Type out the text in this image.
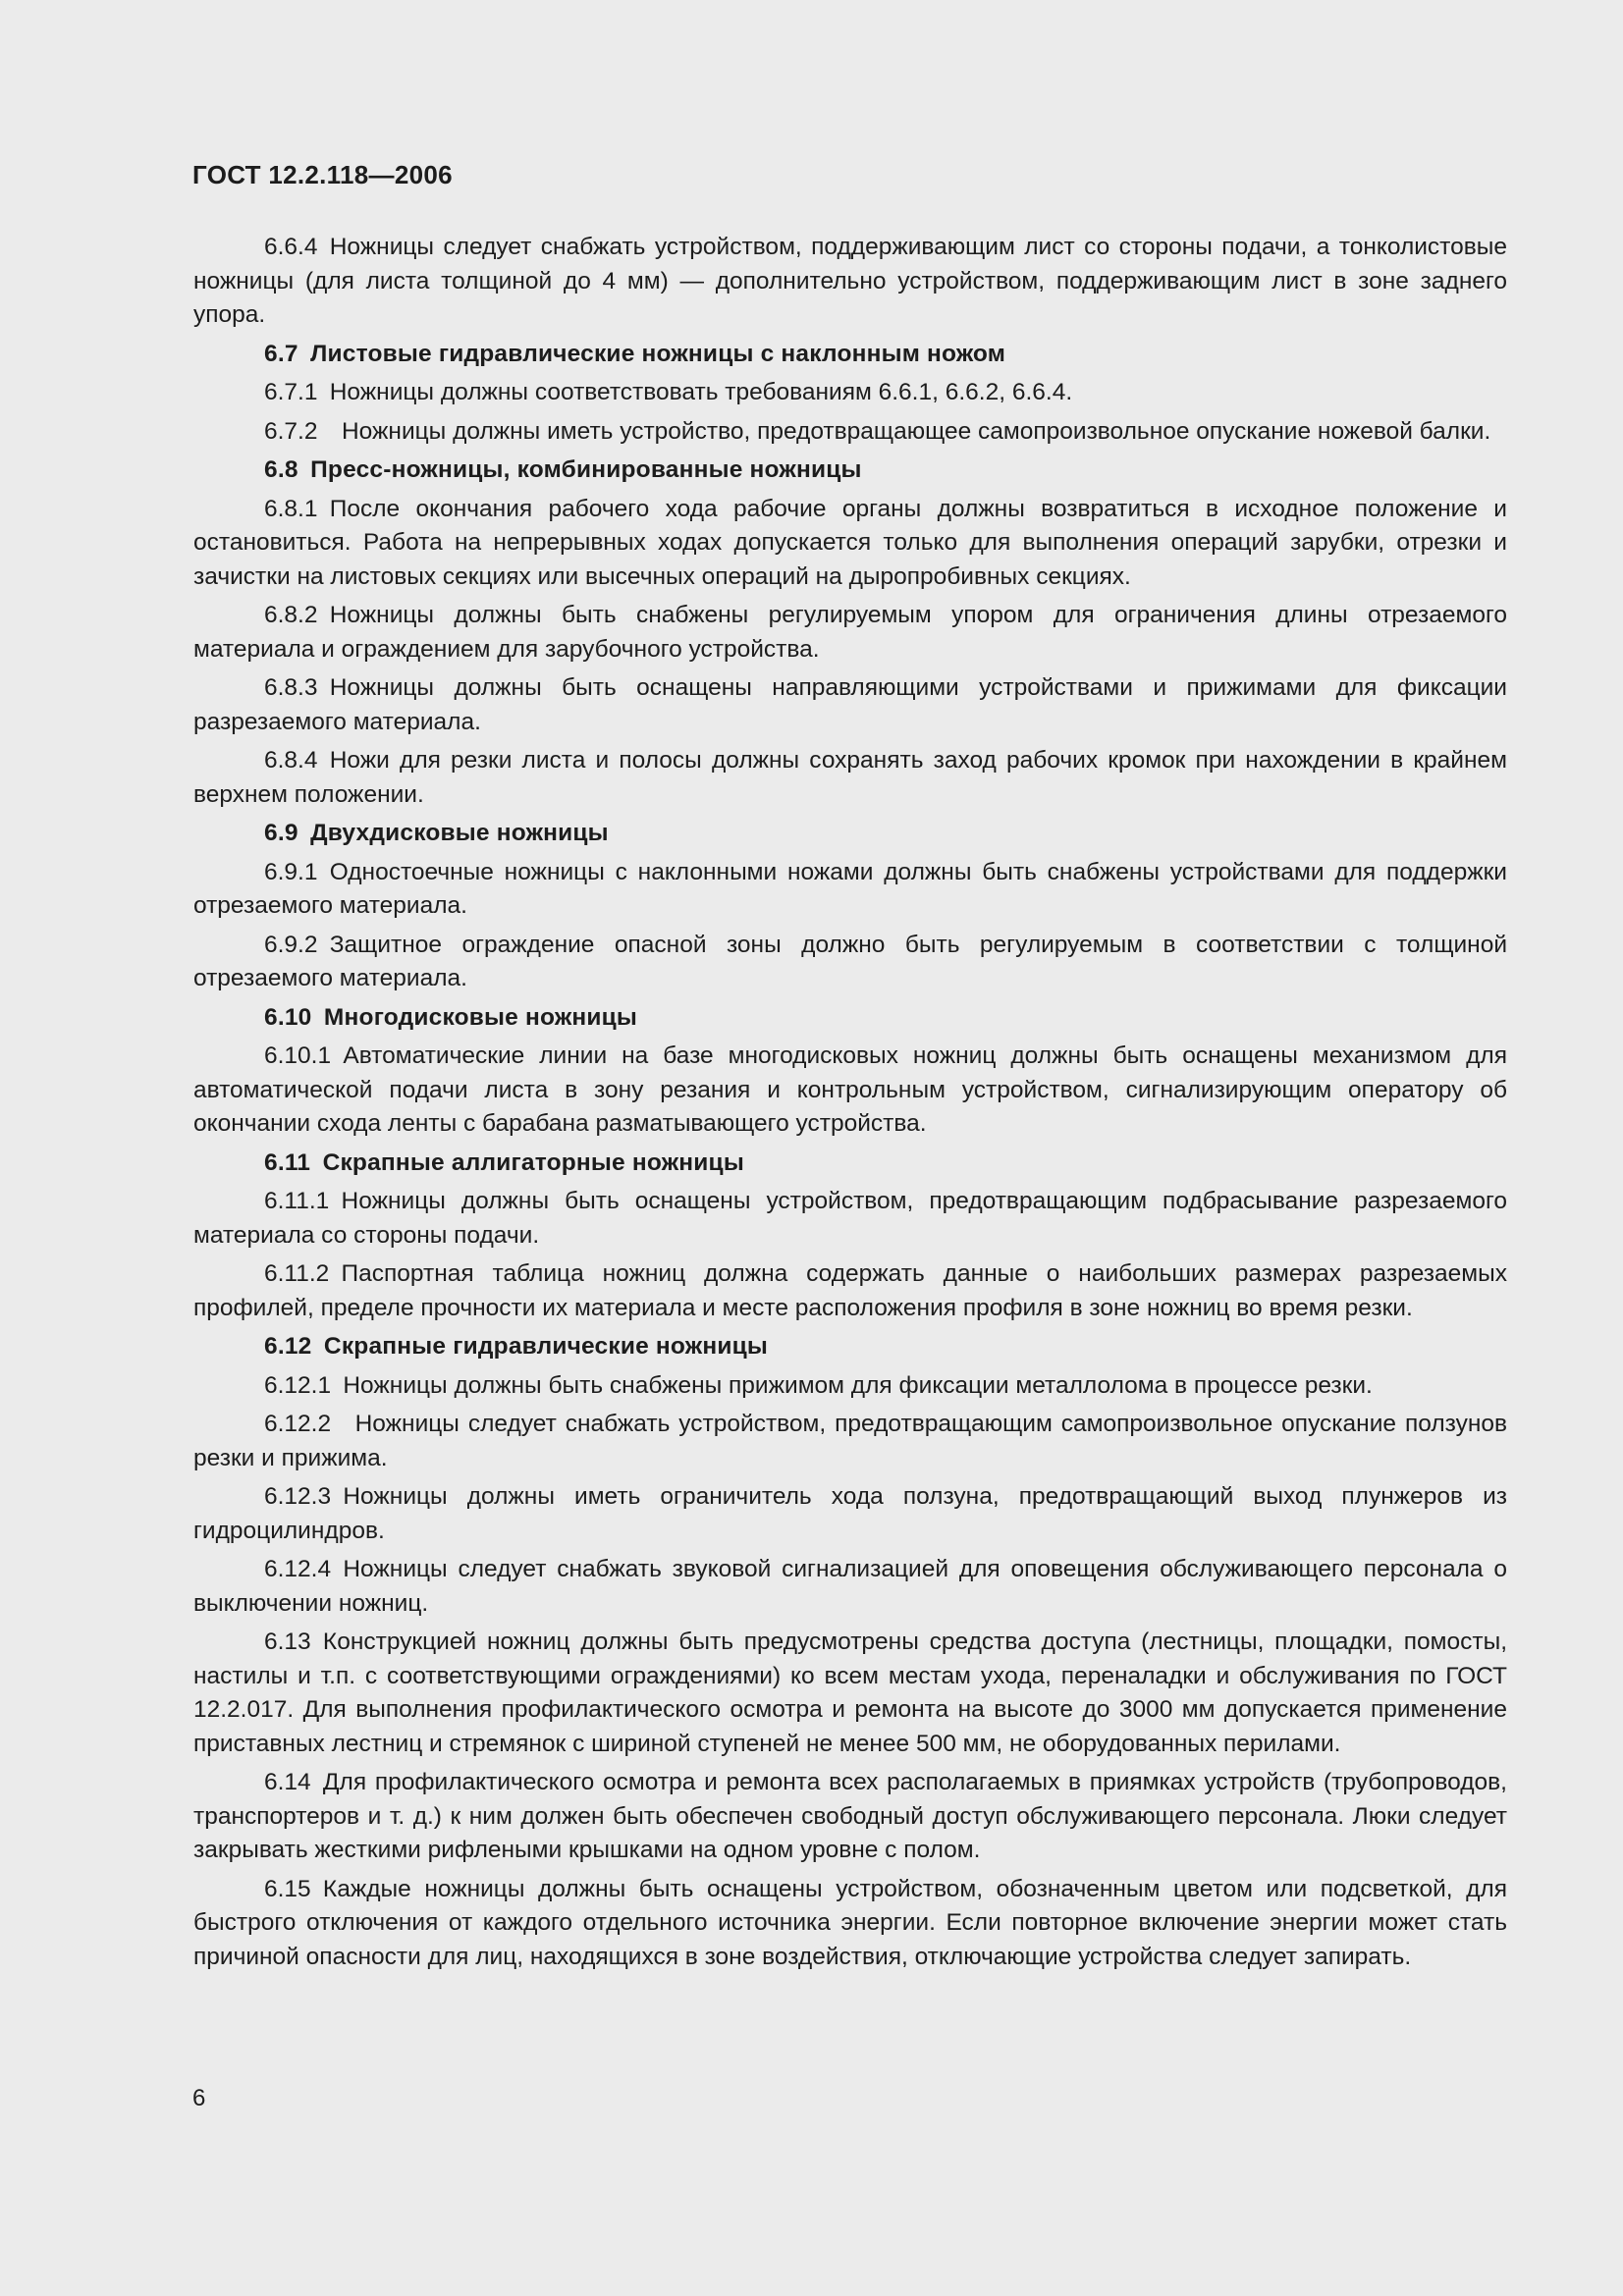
ГОСТ 12.2.118—2006

6.6.4 Ножницы следует снабжать устройством, поддерживающим лист со стороны подачи, а тонколистовые ножницы (для листа толщиной до 4 мм) — дополнительно устройством, поддерживающим лист в зоне заднего упора.

6.7 Листовые гидравлические ножницы с наклонным ножом

6.7.1 Ножницы должны соответствовать требованиям 6.6.1, 6.6.2, 6.6.4.

6.7.2  Ножницы должны иметь устройство, предотвращающее самопроизвольное опускание ножевой балки.

6.8 Пресс-ножницы, комбинированные ножницы

6.8.1 После окончания рабочего хода рабочие органы должны возвратиться в исходное положение и остановиться. Работа на непрерывных ходах допускается только для выполнения операций зарубки, отрезки и зачистки на листовых секциях или высечных операций на дыропробивных секциях.

6.8.2 Ножницы должны быть снабжены регулируемым упором для ограничения длины отрезаемого материала и ограждением для зарубочного устройства.

6.8.3 Ножницы должны быть оснащены направляющими устройствами и прижимами для фиксации разрезаемого материала.

6.8.4 Ножи для резки листа и полосы должны сохранять заход рабочих кромок при нахождении в крайнем верхнем положении.

6.9 Двухдисковые ножницы

6.9.1 Одностоечные ножницы с наклонными ножами должны быть снабжены устройствами для поддержки отрезаемого материала.

6.9.2 Защитное ограждение опасной зоны должно быть регулируемым в соответствии с толщиной отрезаемого материала.

6.10 Многодисковые ножницы

6.10.1 Автоматические линии на базе многодисковых ножниц должны быть оснащены механизмом для автоматической подачи листа в зону резания и контрольным устройством, сигнализирующим оператору об окончании схода ленты с барабана разматывающего устройства.

6.11 Скрапные аллигаторные ножницы

6.11.1 Ножницы должны быть оснащены устройством, предотвращающим подбрасывание разрезаемого материала со стороны подачи.

6.11.2 Паспортная таблица ножниц должна содержать данные о наибольших размерах разрезаемых профилей, пределе прочности их материала и месте расположения профиля в зоне ножниц во время резки.

6.12 Скрапные гидравлические ножницы

6.12.1 Ножницы должны быть снабжены прижимом для фиксации металлолома в процессе резки.

6.12.2  Ножницы следует снабжать устройством, предотвращающим самопроизвольное опускание ползунов резки и прижима.

6.12.3 Ножницы должны иметь ограничитель хода ползуна, предотвращающий выход плунжеров из гидроцилиндров.

6.12.4 Ножницы следует снабжать звуковой сигнализацией для оповещения обслуживающего персонала о выключении ножниц.

6.13 Конструкцией ножниц должны быть предусмотрены средства доступа (лестницы, площадки, помосты, настилы и т.п. с соответствующими ограждениями) ко всем местам ухода, переналадки и обслуживания по ГОСТ 12.2.017. Для выполнения профилактического осмотра и ремонта на высоте до 3000 мм допускается применение приставных лестниц и стремянок с шириной ступеней не менее 500 мм, не оборудованных перилами.

6.14 Для профилактического осмотра и ремонта всех располагаемых в приямках устройств (трубопроводов, транспортеров и т. д.) к ним должен быть обеспечен свободный доступ обслуживающего персонала. Люки следует закрывать жесткими рифлеными крышками на одном уровне с полом.

6.15 Каждые ножницы должны быть оснащены устройством, обозначенным цветом или подсветкой, для быстрого отключения от каждого отдельного источника энергии. Если повторное включение энергии может стать причиной опасности для лиц, находящихся в зоне воздействия, отключающие устройства следует запирать.

6
